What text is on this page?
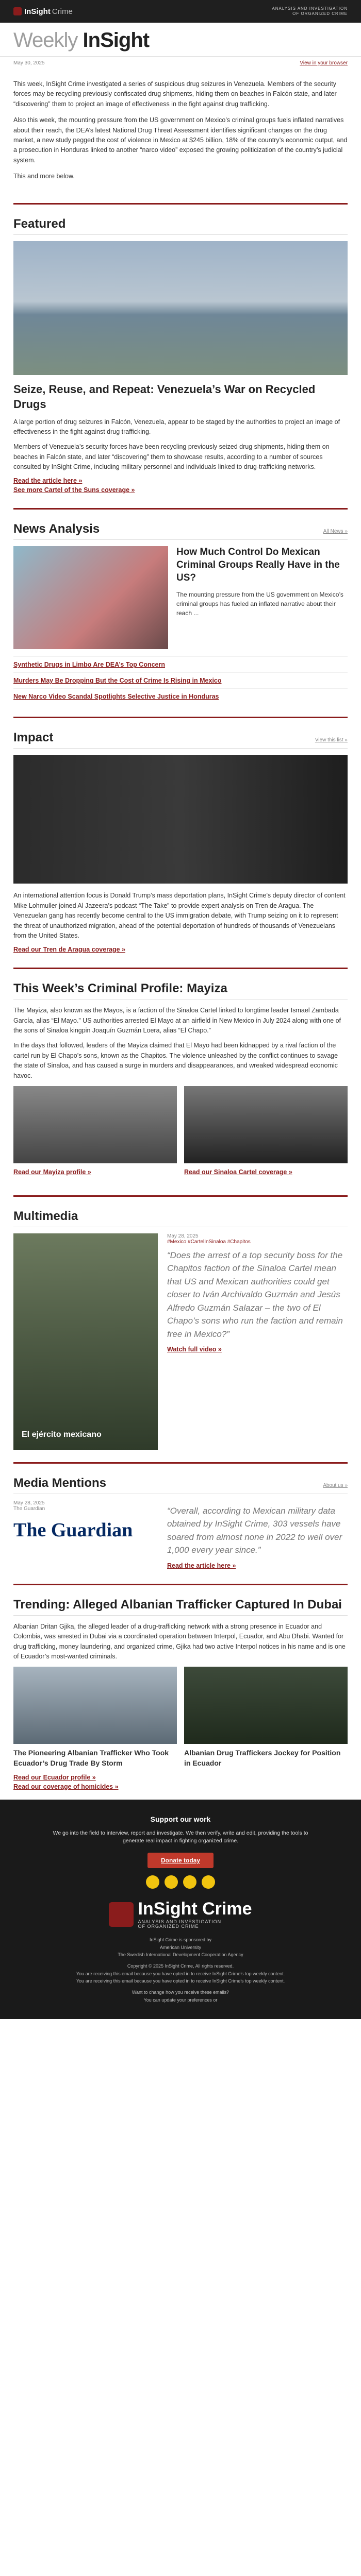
InSight Crime	ANALYSIS AND INVESTIGATION OF ORGANIZED CRIME
Weekly InSight
May 30, 2025	View in your browser

This week, InSight Crime investigated a series of suspicious drug seizures in Venezuela. Members of the security forces may be recycling previously confiscated drug shipments, hiding them on beaches in Falcón state, and later “discovering” them to project an image of effectiveness in the fight against drug trafficking.

Also this week, the mounting pressure from the US government on Mexico’s criminal groups fuels inflated narratives about their reach, the DEA’s latest National Drug Threat Assessment identifies significant changes on the drug market, a new study pegged the cost of violence in Mexico at $245 billion, 18% of the country’s economic output, and a prosecution in Honduras linked to another “narco video” exposed the growing politicization of the country’s judicial system.

This and more below.

Featured
Seize, Reuse, and Repeat: Venezuela’s War on Recycled Drugs

A large portion of drug seizures in Falcón, Venezuela, appear to be staged by the authorities to project an image of effectiveness in the fight against drug trafficking.

Members of Venezuela’s security forces have been recycling previously seized drug shipments, hiding them on beaches in Falcón state, and later “discovering” them to showcase results, according to a number of sources consulted by InSight Crime, including military personnel and individuals linked to drug-trafficking networks.

Read the article here »
See more Cartel of the Suns coverage »
News Analysis	All News »
How Much Control Do Mexican Criminal Groups Really Have in the US?

The mounting pressure from the US government on Mexico’s criminal groups has fueled an inflated narrative about their reach ...

Synthetic Drugs in Limbo Are DEA’s Top Concern
Murders May Be Dropping But the Cost of Crime Is Rising in Mexico
New Narco Video Scandal Spotlights Selective Justice in Honduras
Impact	View this list »

An international attention focus is Donald Trump’s mass deportation plans, InSight Crime’s deputy director of content Mike Lohmuller joined Al Jazeera’s podcast “The Take” to provide expert analysis on Tren de Aragua. The Venezuelan gang has recently become central to the US immigration debate, with Trump seizing on it to represent the threat of unauthorized migration, ahead of the potential deportation of hundreds of thousands of Venezuelans from the United States.

Read our Tren de Aragua coverage »
This Week’s Criminal Profile: Mayiza

The Mayiza, also known as the Mayos, is a faction of the Sinaloa Cartel linked to longtime leader Ismael Zambada García, alias “El Mayo.” US authorities arrested El Mayo at an airfield in New Mexico in July 2024 along with one of the sons of Sinaloa kingpin Joaquín Guzmán Loera, alias “El Chapo.”

In the days that followed, leaders of the Mayiza claimed that El Mayo had been kidnapped by a rival faction of the cartel run by El Chapo’s sons, known as the Chapitos. The violence unleashed by the conflict continues to savage the state of Sinaloa, and has caused a surge in murders and disappearances, and wreaked widespread economic havoc.

Read our Mayiza profile »	Read our Sinaloa Cartel coverage »
Multimedia
El ejército mexicano
May 28, 2025
#Mexico #CartelInSinaloa #Chapitos

“Does the arrest of a top security boss for the Chapitos faction of the Sinaloa Cartel mean that US and Mexican authorities could get closer to Iván Archivaldo Guzmán and Jesús Alfredo Guzmán Salazar – the two of El Chapo’s sons who run the faction and remain free in Mexico?”

Watch full video »
Media Mentions	About us »
May 28, 2025
The Guardian
The Guardian

“Overall, according to Mexican military data obtained by InSight Crime, 303 vessels have soared from almost none in 2022 to well over 1,000 every year since.”

Read the article here »
Trending: Alleged Albanian Trafficker Captured In Dubai

Albanian Dritan Gjika, the alleged leader of a drug-trafficking network with a strong presence in Ecuador and Colombia, was arrested in Dubai via a coordinated operation between Interpol, Ecuador, and Abu Dhabi. Wanted for drug trafficking, money laundering, and organized crime, Gjika had two active Interpol notices in his name and is one of Ecuador’s most-wanted criminals.

The Pioneering Albanian Trafficker Who Took Ecuador’s Drug Trade By Storm
Albanian Drug Traffickers Jockey for Position in Ecuador
Read our Ecuador profile »
Read our coverage of homicides »
Support our work

We go into the field to interview, report and investigate. We then verify, write and edit, providing the tools to generate real impact in fighting organized crime.

Donate today
InSight Crime
ANALYSIS AND INVESTIGATION OF ORGANIZED CRIME
InSight Crime is sponsored by
American University
The Swedish International Development Cooperation Agency
Copyright © 2025 InSight Crime, All rights reserved.
You are receiving this email because you have opted in to receive InSight Crime’s top weekly content.
You are receiving this email because you have opted in to receive InSight Crime’s top weekly content.
Want to change how you receive these emails?
You can update your preferences or
